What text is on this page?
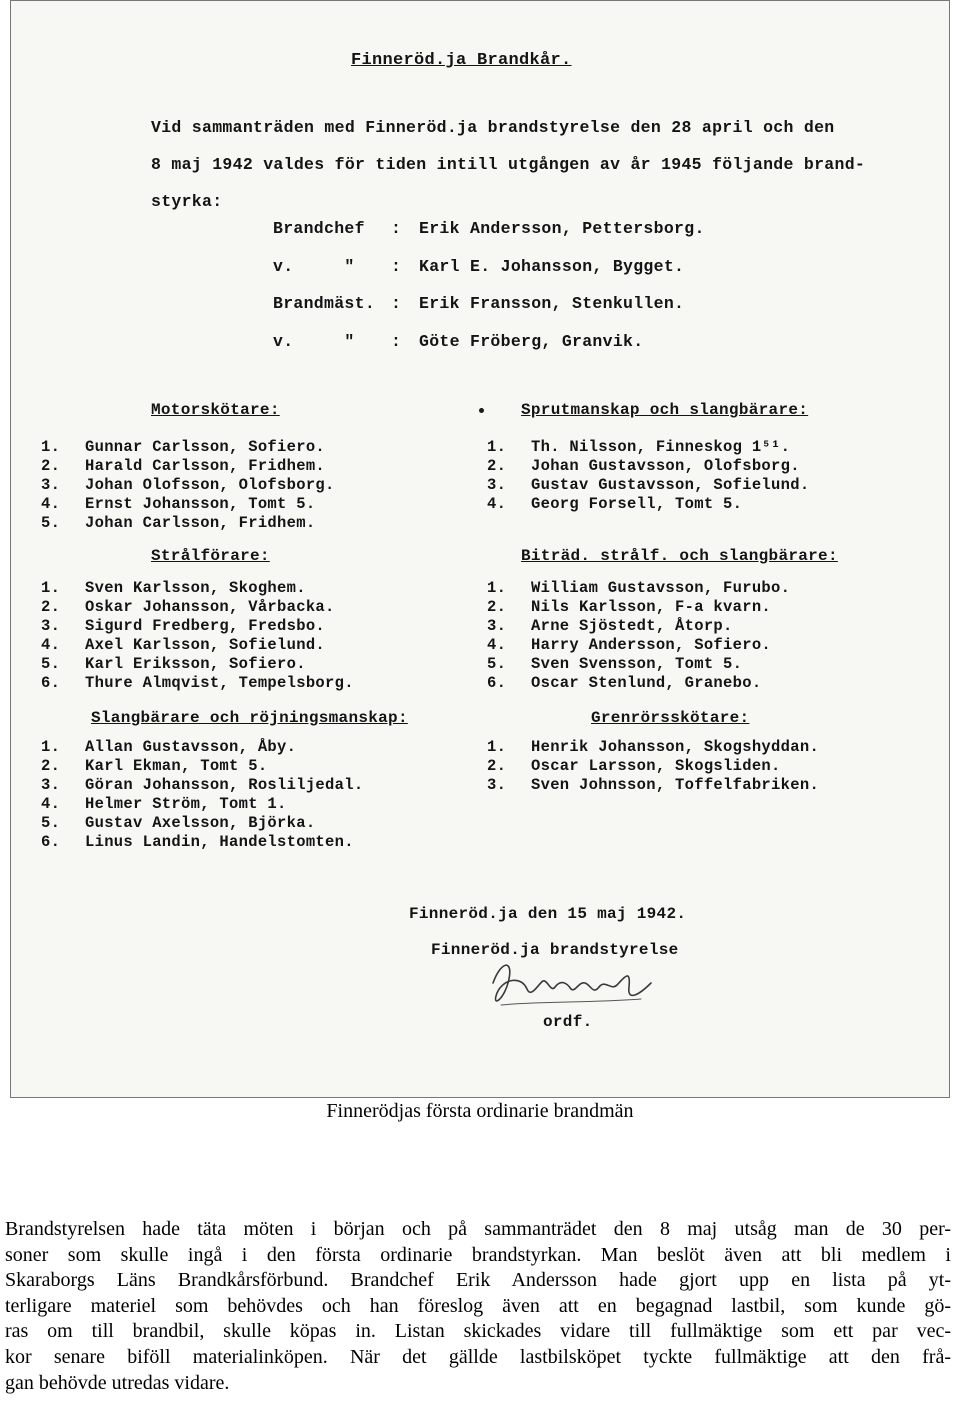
Finneröd.ja Brandkår.
Vid sammanträden med Finneröd.ja brandstyrelse den 28 april och den
8 maj 1942 valdes för tiden intill utgången av år 1945 följande brand-
styrka:
Brandchef	:	Erik Andersson, Pettersborg.
v.     "	:	Karl E. Johansson, Bygget.
Brandmäst. :	Erik Fransson, Stenkullen.
v.     "	:	Göte Fröberg, Granvik.
Motorskötare:
1.	Gunnar Carlsson, Sofiero.
2.	Harald Carlsson, Fridhem.
3.	Johan Olofsson, Olofsborg.
4.	Ernst Johansson, Tomt 5.
5.	Johan Carlsson, Fridhem.
Sprutmanskap och slangbärare:
1.	Th. Nilsson, Finneskog 1⁵¹.
2.	Johan Gustavsson, Olofsborg.
3.	Gustav Gustavsson, Sofielund.
4.	Georg Forsell, Tomt 5.
Strålförare:
1.	Sven Karlsson, Skoghem.
2.	Oskar Johansson, Vårbacka.
3.	Sigurd Fredberg, Fredsbo.
4.	Axel Karlsson, Sofielund.
5.	Karl Eriksson, Sofiero.
6.	Thure Almqvist, Tempelsborg.
Biträd. strålf. och slangbärare:
1.	William Gustavsson, Furubo.
2.	Nils Karlsson, F-a kvarn.
3.	Arne Sjöstedt, Åtorp.
4.	Harry Andersson, Sofiero.
5.	Sven Svensson, Tomt 5.
6.	Oscar Stenlund, Granebo.
Slangbärare och röjningsmanskap:
1.	Allan Gustavsson, Åby.
2.	Karl Ekman, Tomt 5.
3.	Göran Johansson, Rosliljedal.
4.	Helmer Ström, Tomt 1.
5.	Gustav Axelsson, Björka.
6.	Linus Landin, Handelstomten.
Grenrörsskötare:
1.	Henrik Johansson, Skogshyddan.
2.	Oscar Larsson, Skogsliden.
3.	Sven Johnsson, Toffelfabriken.
Finneröd.ja den 15 maj 1942.
Finneröd.ja brandstyrelse
ordf.
Finnerödjas första ordinarie brandmän
Brandstyrelsen hade täta möten i början och på sammanträdet den 8 maj utsåg man de 30 per-
soner som skulle ingå i den första ordinarie brandstyrkan. Man beslöt även att bli medlem i
Skaraborgs Läns Brandkårsförbund. Brandchef Erik Andersson hade gjort upp en lista på yt-
terligare materiel som behövdes och han föreslog även att en begagnad lastbil, som kunde gö-
ras om till brandbil, skulle köpas in. Listan skickades vidare till fullmäktige som ett par vec-
kor senare biföll materialinköpen. När det gällde lastbilsköpet tyckte fullmäktige att den frå-
gan behövde utredas vidare.
